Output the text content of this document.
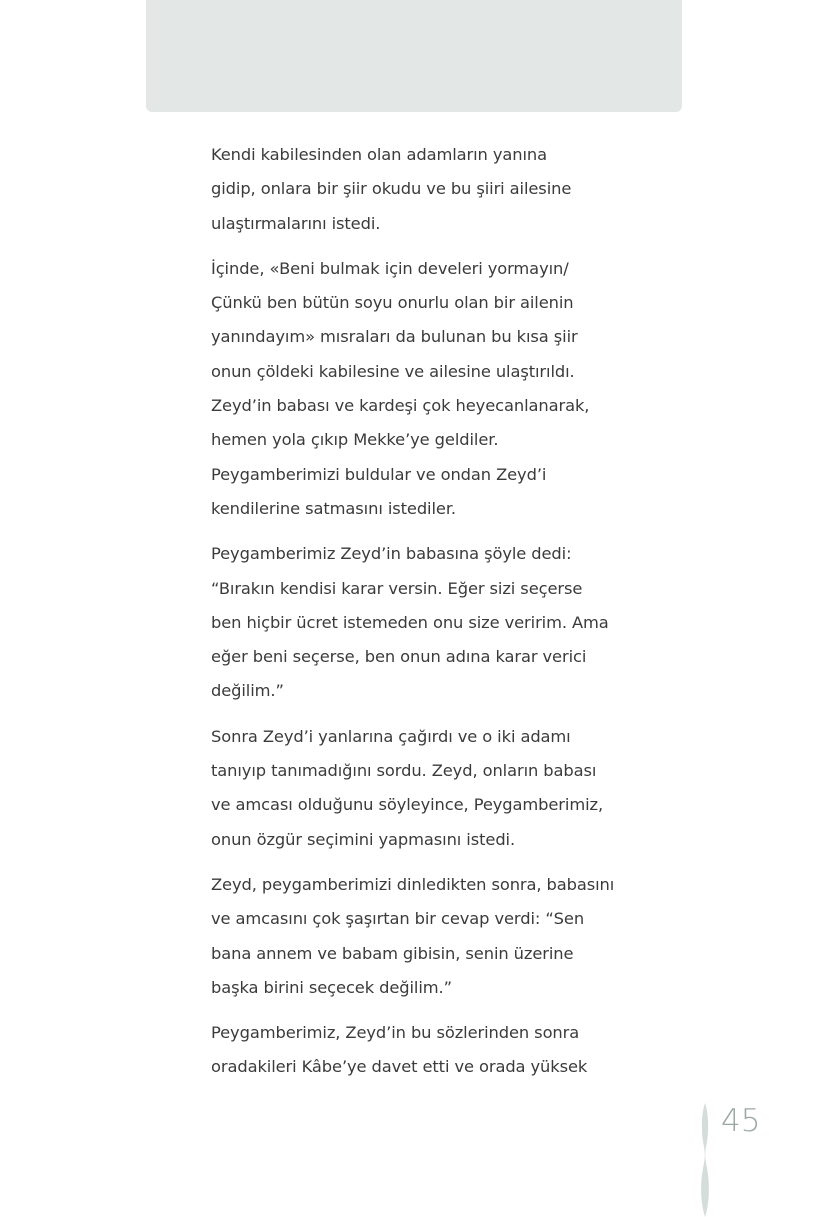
Kendi kabilesinden olan adamların yanına
gidip, onlara bir şiir okudu ve bu şiiri ailesine
ulaştırmalarını istedi.
İçinde, «Beni bulmak için develeri yormayın/
Çünkü ben bütün soyu onurlu olan bir ailenin
yanındayım» mısraları da bulunan bu kısa şiir
onun çöldeki kabilesine ve ailesine ulaştırıldı.
Zeyd’in babası ve kardeşi çok heyecanlanarak,
hemen yola çıkıp Mekke’ye geldiler.
Peygamberimizi buldular ve ondan Zeyd’i
kendilerine satmasını istediler.
Peygamberimiz Zeyd’in babasına şöyle dedi:
“Bırakın kendisi karar versin. Eğer sizi seçerse
ben hiçbir ücret istemeden onu size veririm. Ama
eğer beni seçerse, ben onun adına karar verici
değilim.”
Sonra Zeyd’i yanlarına çağırdı ve o iki adamı
tanıyıp tanımadığını sordu. Zeyd, onların babası
ve amcası olduğunu söyleyince, Peygamberimiz,
onun özgür seçimini yapmasını istedi.
Zeyd, peygamberimizi dinledikten sonra, babasını
ve amcasını çok şaşırtan bir cevap verdi: “Sen
bana annem ve babam gibisin, senin üzerine
başka birini seçecek değilim.”
Peygamberimiz, Zeyd’in bu sözlerinden sonra
oradakileri Kâbe’ye davet etti ve orada yüksek
45
